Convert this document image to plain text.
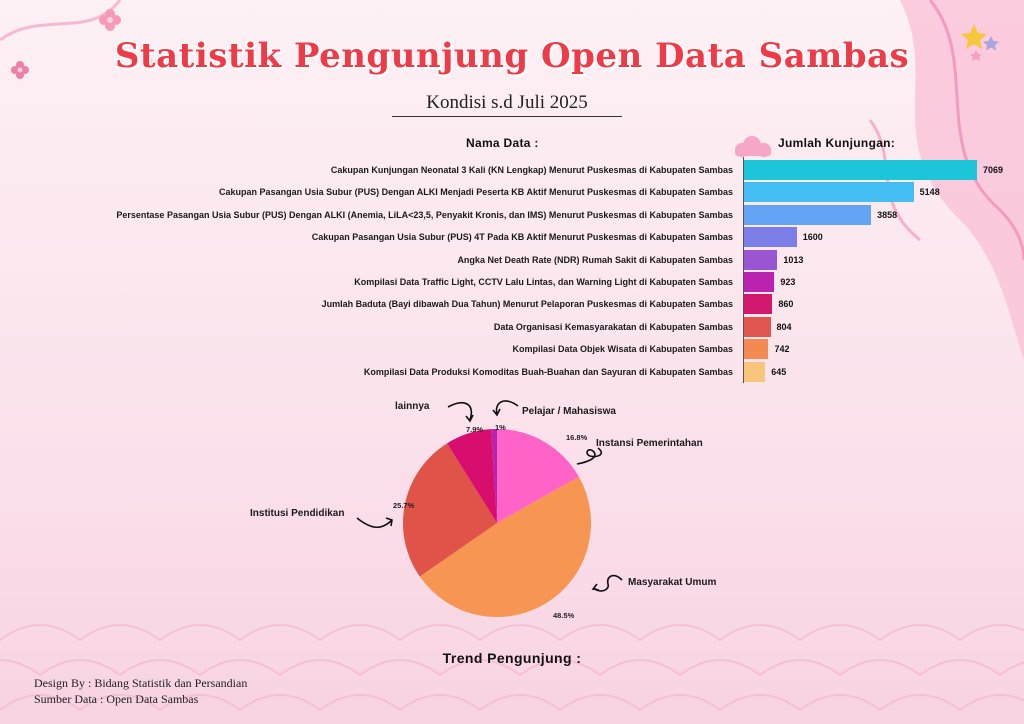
Statistik Pengunjung Open Data Sambas
Kondisi s.d Juli 2025
Nama Data :	Jumlah Kunjungan:
Cakupan Kunjungan Neonatal 3 Kali (KN Lengkap) Menurut Puskesmas di Kabupaten Sambas	7069
Cakupan Pasangan Usia Subur (PUS) Dengan ALKI Menjadi Peserta KB Aktif Menurut Puskesmas di Kabupaten Sambas	5148
Persentase Pasangan Usia Subur (PUS) Dengan ALKI (Anemia, LiLA<23,5, Penyakit Kronis, dan IMS) Menurut Puskesmas di Kabupaten Sambas	3858
Cakupan Pasangan Usia Subur (PUS) 4T Pada KB Aktif Menurut Puskesmas di Kabupaten Sambas	1600
Angka Net Death Rate (NDR) Rumah Sakit di Kabupaten Sambas	1013
Kompilasi Data Traffic Light, CCTV Lalu Lintas, dan Warning Light di Kabupaten Sambas	923
Jumlah Baduta (Bayi dibawah Dua Tahun) Menurut Pelaporan Puskesmas di Kabupaten Sambas	860
Data Organisasi Kemasyarakatan di Kabupaten Sambas	804
Kompilasi Data Objek Wisata di Kabupaten Sambas	742
Kompilasi Data Produksi Komoditas Buah-Buahan dan Sayuran di Kabupaten Sambas	645
16.8%
Instansi Pemerintahan
48.5%
Masyarakat Umum
25.7%
Institusi Pendidikan
7.9%
lainnya
1%
Pelajar / Mahasiswa
Trend Pengunjung :
Design By : Bidang Statistik dan Persandian
Sumber Data : Open Data Sambas
